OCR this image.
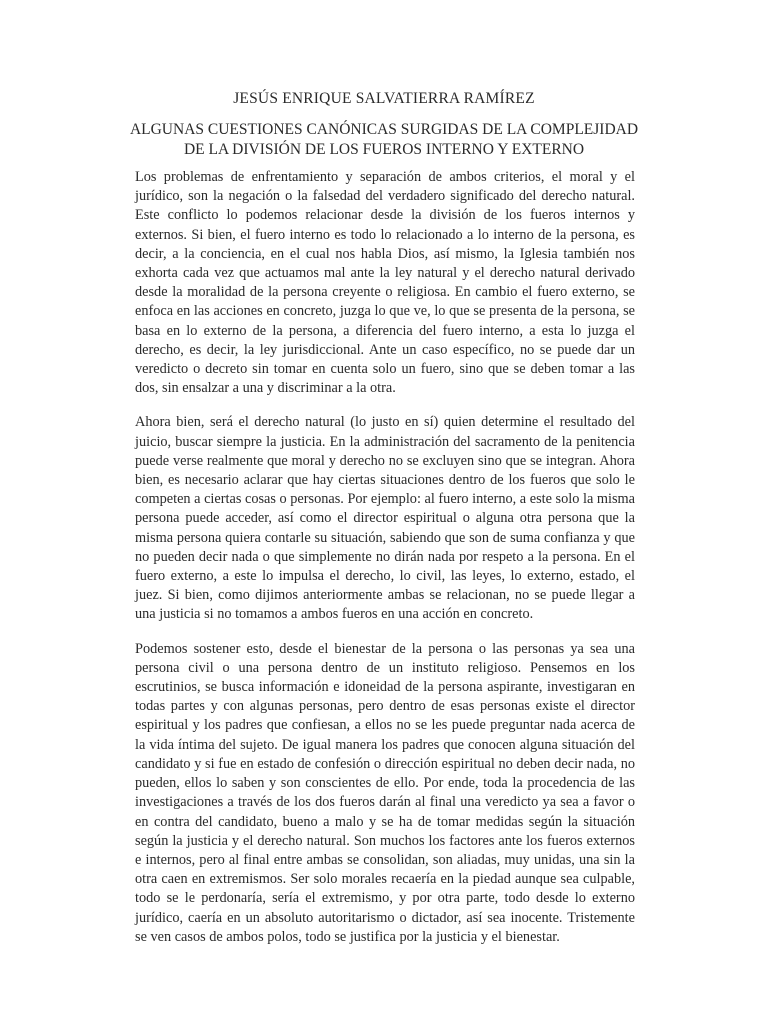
JESÚS ENRIQUE SALVATIERRA RAMÍREZ
ALGUNAS CUESTIONES CANÓNICAS SURGIDAS DE LA COMPLEJIDAD DE LA DIVISIÓN DE LOS FUEROS INTERNO Y EXTERNO

Los problemas de enfrentamiento y separación de ambos criterios, el moral y el jurídico, son la negación o la falsedad del verdadero significado del derecho natural. Este conflicto lo podemos relacionar desde la división de los fueros internos y externos. Si bien, el fuero interno es todo lo relacionado a lo interno de la persona, es decir, a la conciencia, en el cual nos habla Dios, así mismo, la Iglesia también nos exhorta cada vez que actuamos mal ante la ley natural y el derecho natural derivado desde la moralidad de la persona creyente o religiosa. En cambio el fuero externo, se enfoca en las acciones en concreto, juzga lo que ve, lo que se presenta de la persona, se basa en lo externo de la persona, a diferencia del fuero interno, a esta lo juzga el derecho, es decir, la ley jurisdiccional. Ante un caso específico, no se puede dar un veredicto o decreto sin tomar en cuenta solo un fuero, sino que se deben tomar a las dos, sin ensalzar a una y discriminar a la otra.

Ahora bien, será el derecho natural (lo justo en sí) quien determine el resultado del juicio, buscar siempre la justicia. En la administración del sacramento de la penitencia puede verse realmente que moral y derecho no se excluyen sino que se integran. Ahora bien, es necesario aclarar que hay ciertas situaciones dentro de los fueros que solo le competen a ciertas cosas o personas. Por ejemplo: al fuero interno, a este solo la misma persona puede acceder, así como el director espiritual o alguna otra persona que la misma persona quiera contarle su situación, sabiendo que son de suma confianza y que no pueden decir nada o que simplemente no dirán nada por respeto a la persona. En el fuero externo, a este lo impulsa el derecho, lo civil, las leyes, lo externo, estado, el juez. Si bien, como dijimos anteriormente ambas se relacionan, no se puede llegar a una justicia si no tomamos a ambos fueros en una acción en concreto.

Podemos sostener esto, desde el bienestar de la persona o las personas ya sea una persona civil o una persona dentro de un instituto religioso. Pensemos en los escrutinios, se busca información e idoneidad de la persona aspirante, investigaran en todas partes y con algunas personas, pero dentro de esas personas existe el director espiritual y los padres que confiesan, a ellos no se les puede preguntar nada acerca de la vida íntima del sujeto. De igual manera los padres que conocen alguna situación del candidato y si fue en estado de confesión o dirección espiritual no deben decir nada, no pueden, ellos lo saben y son conscientes de ello. Por ende, toda la procedencia de las investigaciones a través de los dos fueros darán al final una veredicto ya sea a favor o en contra del candidato, bueno a malo y se ha de tomar medidas según la situación según la justicia y el derecho natural. Son muchos los factores ante los fueros externos e internos, pero al final entre ambas se consolidan, son aliadas, muy unidas, una sin la otra caen en extremismos. Ser solo morales recaería en la piedad aunque sea culpable, todo se le perdonaría, sería el extremismo, y por otra parte, todo desde lo externo jurídico, caería en un absoluto autoritarismo o dictador, así sea inocente. Tristemente se ven casos de ambos polos, todo se justifica por la justicia y el bienestar.
